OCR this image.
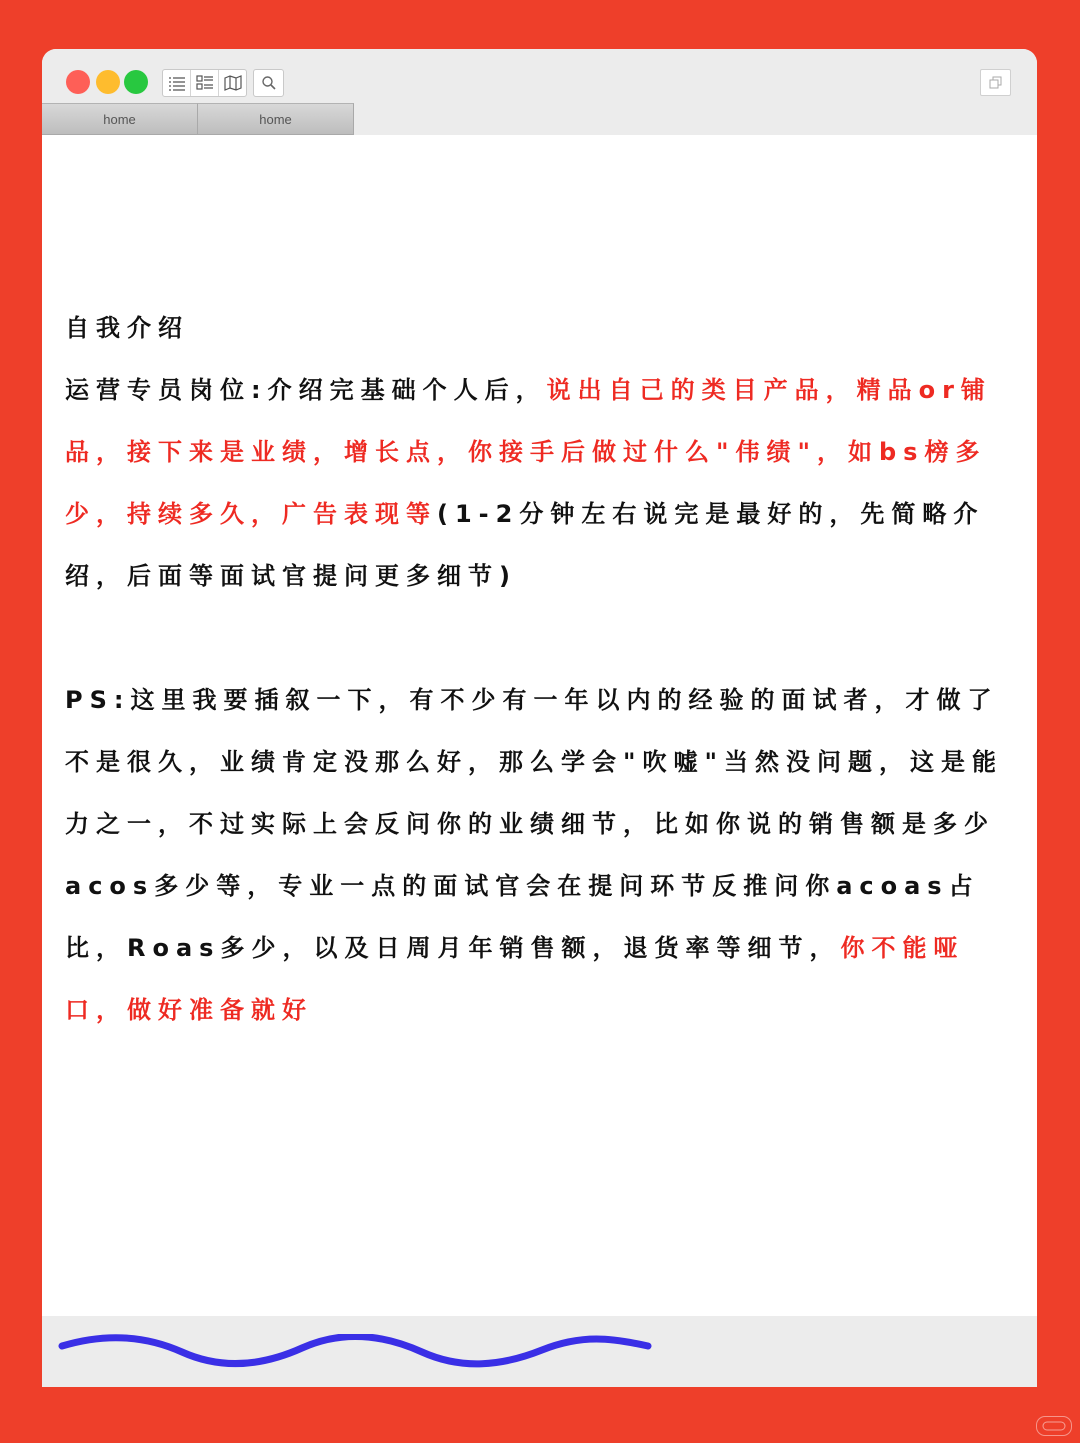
home	home

自我介绍

运营专员岗位:介绍完基础个人后，说出自己的类目产品，精品or铺品，接下来是业绩，增长点，你接手后做过什么"伟绩"，如bs榜多少，持续多久，广告表现等(1-2分钟左右说完是最好的，先简略介绍，后面等面试官提问更多细节)

PS:这里我要插叙一下，有不少有一年以内的经验的面试者，才做了不是很久，业绩肯定没那么好，那么学会"吹嘘"当然没问题，这是能力之一，不过实际上会反问你的业绩细节，比如你说的销售额是多少acos多少等，专业一点的面试官会在提问环节反推问你acoas占比，Roas多少，以及日周月年销售额，退货率等细节，你不能哑口，做好准备就好
